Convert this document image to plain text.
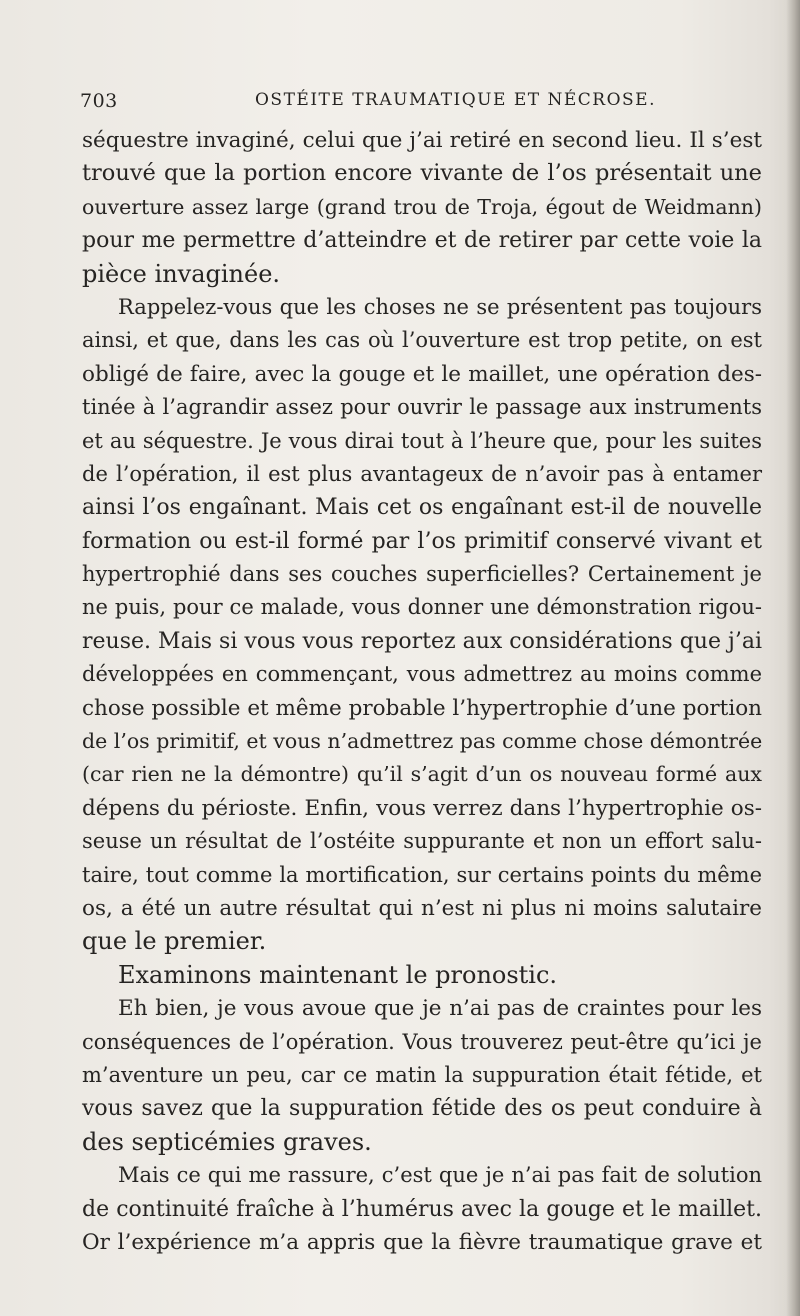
703	OSTÉITE TRAUMATIQUE ET NÉCROSE.
séquestre invaginé, celui que j’ai retiré en second lieu. Il s’est
trouvé que la portion encore vivante de l’os présentait une
ouverture assez large (grand trou de Troja, égout de Weidmann)
pour me permettre d’atteindre et de retirer par cette voie la
pièce invaginée.
Rappelez-vous que les choses ne se présentent pas toujours
ainsi, et que, dans les cas où l’ouverture est trop petite, on est
obligé de faire, avec la gouge et le maillet, une opération des-
tinée à l’agrandir assez pour ouvrir le passage aux instruments
et au séquestre. Je vous dirai tout à l’heure que, pour les suites
de l’opération, il est plus avantageux de n’avoir pas à entamer
ainsi l’os engaînant. Mais cet os engaînant est-il de nouvelle
formation ou est-il formé par l’os primitif conservé vivant et
hypertrophié dans ses couches superficielles? Certainement je
ne puis, pour ce malade, vous donner une démonstration rigou-
reuse. Mais si vous vous reportez aux considérations que j’ai
développées en commençant, vous admettrez au moins comme
chose possible et même probable l’hypertrophie d’une portion
de l’os primitif, et vous n’admettrez pas comme chose démontrée
(car rien ne la démontre) qu’il s’agit d’un os nouveau formé aux
dépens du périoste. Enfin, vous verrez dans l’hypertrophie os-
seuse un résultat de l’ostéite suppurante et non un effort salu-
taire, tout comme la mortification, sur certains points du même
os, a été un autre résultat qui n’est ni plus ni moins salutaire
que le premier.
Examinons maintenant le pronostic.
Eh bien, je vous avoue que je n’ai pas de craintes pour les
conséquences de l’opération. Vous trouverez peut-être qu’ici je
m’aventure un peu, car ce matin la suppuration était fétide, et
vous savez que la suppuration fétide des os peut conduire à
des septicémies graves.
Mais ce qui me rassure, c’est que je n’ai pas fait de solution
de continuité fraîche à l’humérus avec la gouge et le maillet.
Or l’expérience m’a appris que la fièvre traumatique grave et
